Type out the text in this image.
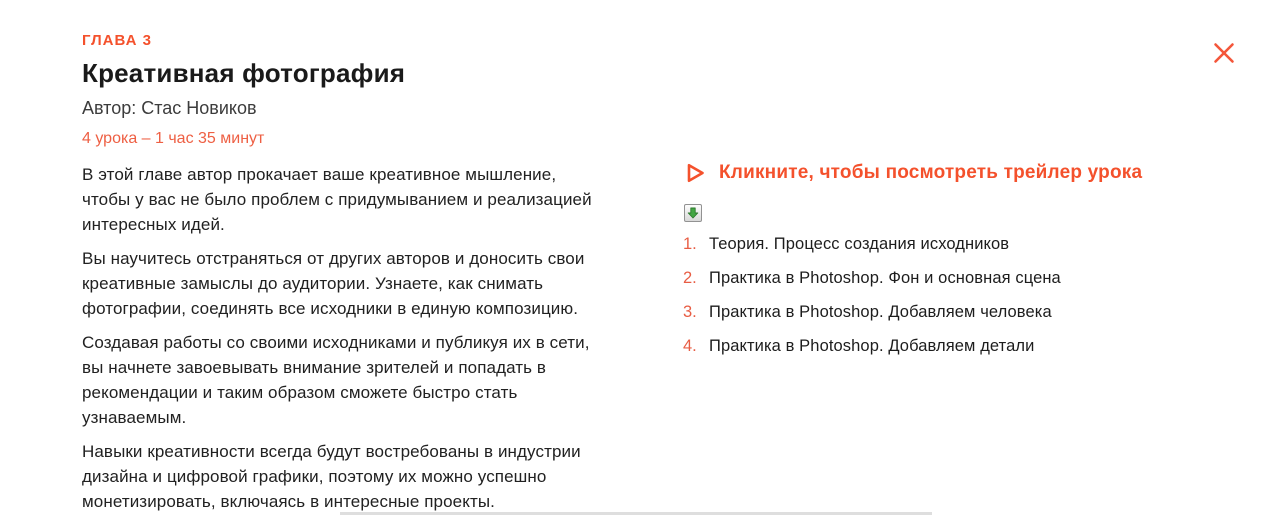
ГЛАВА 3
Креативная фотография
Автор: Стас Новиков
4 урока – 1 час 35 минут

В этой главе автор прокачает ваше креативное мышление, чтобы у вас не было проблем с придумыванием и реализацией интересных идей.

Вы научитесь отстраняться от других авторов и доносить свои креативные замыслы до аудитории. Узнаете, как снимать фотографии, соединять все исходники в единую композицию.

Создавая работы со своими исходниками и публикуя их в сети, вы начнете завоевывать внимание зрителей и попадать в рекомендации и таким образом сможете быстро стать узнаваемым.

Навыки креативности всегда будут востребованы в индустрии дизайна и цифровой графики, поэтому их можно успешно монетизировать, включаясь в интересные проекты.

Кликните, чтобы посмотреть трейлер урока
1. Теория. Процесс создания исходников
2. Практика в Photoshop. Фон и основная сцена
3. Практика в Photoshop. Добавляем человека
4. Практика в Photoshop. Добавляем детали
